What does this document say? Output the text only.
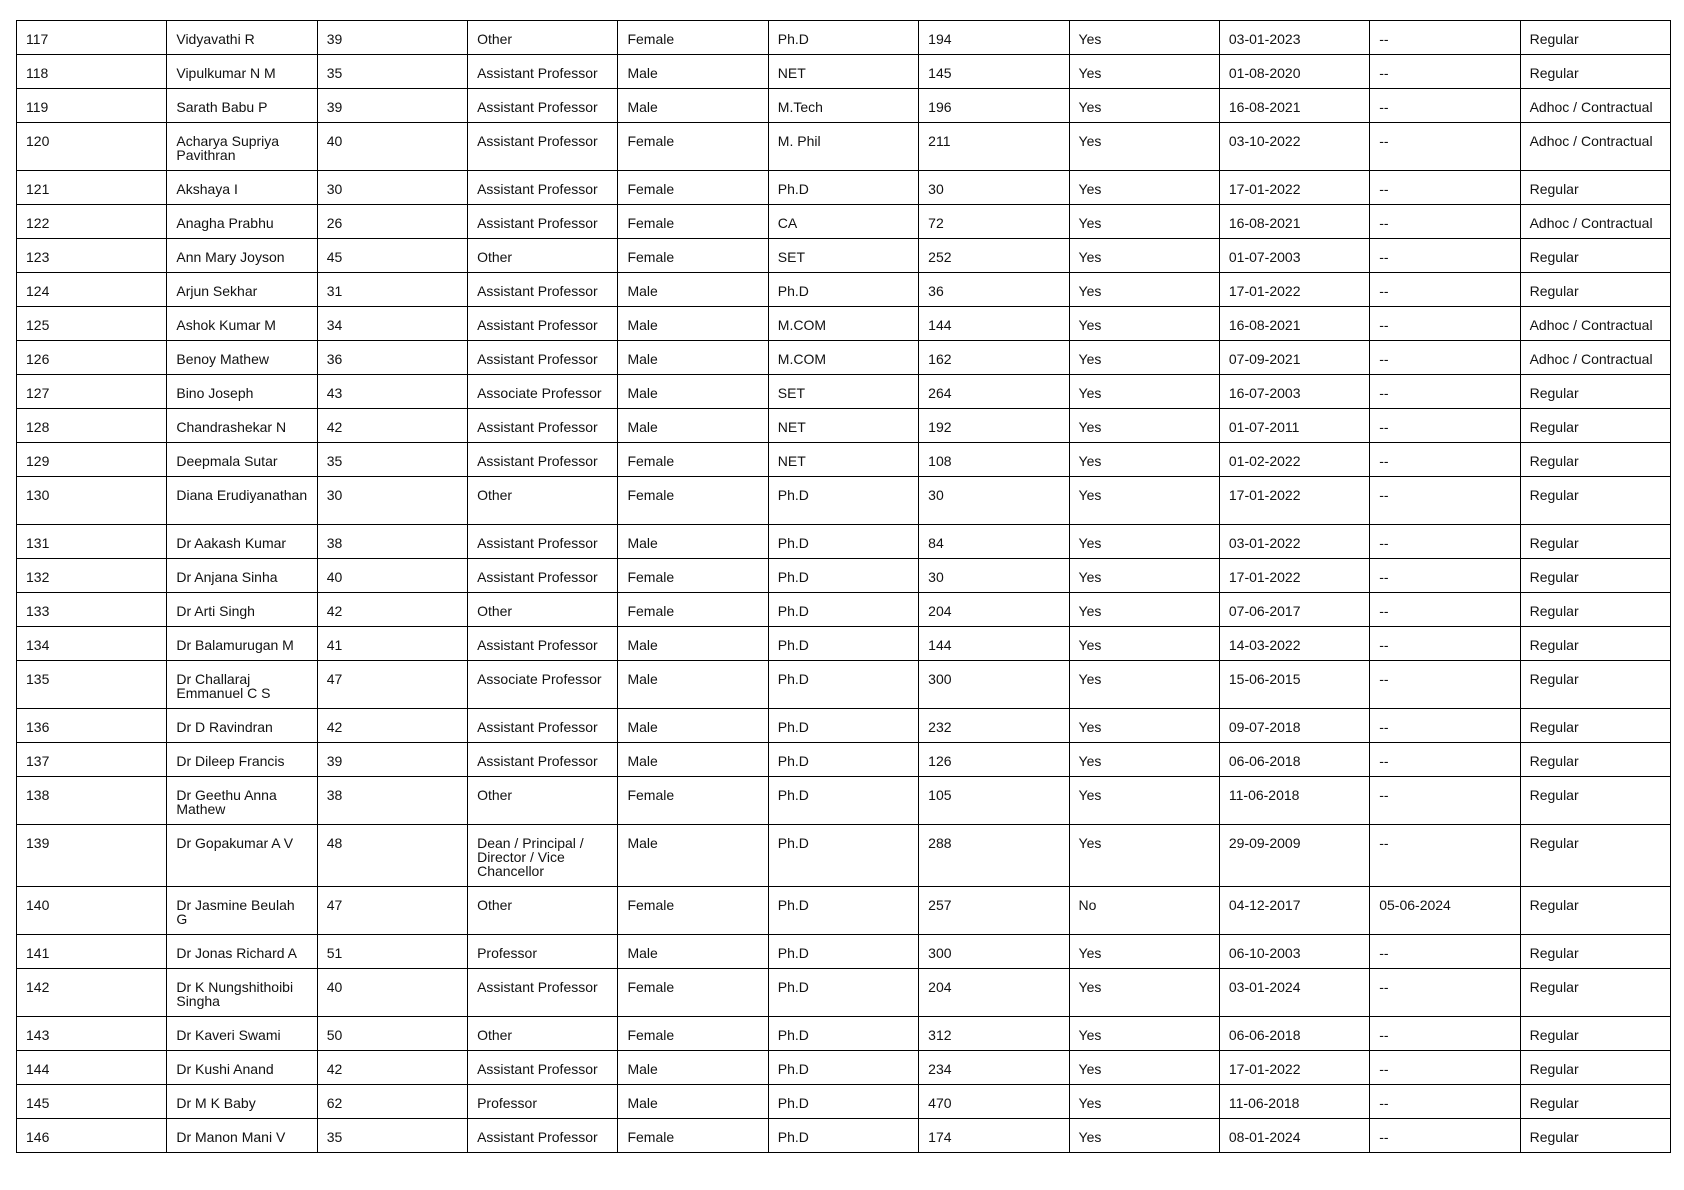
117	Vidyavathi R	39	Other	Female	Ph.D	194	Yes	03-01-2023	--	Regular
118	Vipulkumar N M	35	Assistant Professor	Male	NET	145	Yes	01-08-2020	--	Regular
119	Sarath Babu P	39	Assistant Professor	Male	M.Tech	196	Yes	16-08-2021	--	Adhoc / Contractual
120	Acharya Supriya Pavithran	40	Assistant Professor	Female	M. Phil	211	Yes	03-10-2022	--	Adhoc / Contractual
121	Akshaya I	30	Assistant Professor	Female	Ph.D	30	Yes	17-01-2022	--	Regular
122	Anagha Prabhu	26	Assistant Professor	Female	CA	72	Yes	16-08-2021	--	Adhoc / Contractual
123	Ann Mary Joyson	45	Other	Female	SET	252	Yes	01-07-2003	--	Regular
124	Arjun Sekhar	31	Assistant Professor	Male	Ph.D	36	Yes	17-01-2022	--	Regular
125	Ashok Kumar M	34	Assistant Professor	Male	M.COM	144	Yes	16-08-2021	--	Adhoc / Contractual
126	Benoy Mathew	36	Assistant Professor	Male	M.COM	162	Yes	07-09-2021	--	Adhoc / Contractual
127	Bino Joseph	43	Associate Professor	Male	SET	264	Yes	16-07-2003	--	Regular
128	Chandrashekar N	42	Assistant Professor	Male	NET	192	Yes	01-07-2011	--	Regular
129	Deepmala Sutar	35	Assistant Professor	Female	NET	108	Yes	01-02-2022	--	Regular
130	Diana Erudiyanathan	30	Other	Female	Ph.D	30	Yes	17-01-2022	--	Regular
131	Dr Aakash Kumar	38	Assistant Professor	Male	Ph.D	84	Yes	03-01-2022	--	Regular
132	Dr Anjana Sinha	40	Assistant Professor	Female	Ph.D	30	Yes	17-01-2022	--	Regular
133	Dr Arti Singh	42	Other	Female	Ph.D	204	Yes	07-06-2017	--	Regular
134	Dr Balamurugan M	41	Assistant Professor	Male	Ph.D	144	Yes	14-03-2022	--	Regular
135	Dr Challaraj Emmanuel C S	47	Associate Professor	Male	Ph.D	300	Yes	15-06-2015	--	Regular
136	Dr D Ravindran	42	Assistant Professor	Male	Ph.D	232	Yes	09-07-2018	--	Regular
137	Dr Dileep Francis	39	Assistant Professor	Male	Ph.D	126	Yes	06-06-2018	--	Regular
138	Dr Geethu Anna Mathew	38	Other	Female	Ph.D	105	Yes	11-06-2018	--	Regular
139	Dr Gopakumar A V	48	Dean / Principal / Director / Vice Chancellor	Male	Ph.D	288	Yes	29-09-2009	--	Regular
140	Dr Jasmine Beulah G	47	Other	Female	Ph.D	257	No	04-12-2017	05-06-2024	Regular
141	Dr Jonas Richard A	51	Professor	Male	Ph.D	300	Yes	06-10-2003	--	Regular
142	Dr K Nungshithoibi Singha	40	Assistant Professor	Female	Ph.D	204	Yes	03-01-2024	--	Regular
143	Dr Kaveri Swami	50	Other	Female	Ph.D	312	Yes	06-06-2018	--	Regular
144	Dr Kushi Anand	42	Assistant Professor	Male	Ph.D	234	Yes	17-01-2022	--	Regular
145	Dr M K Baby	62	Professor	Male	Ph.D	470	Yes	11-06-2018	--	Regular
146	Dr Manon Mani V	35	Assistant Professor	Female	Ph.D	174	Yes	08-01-2024	--	Regular
